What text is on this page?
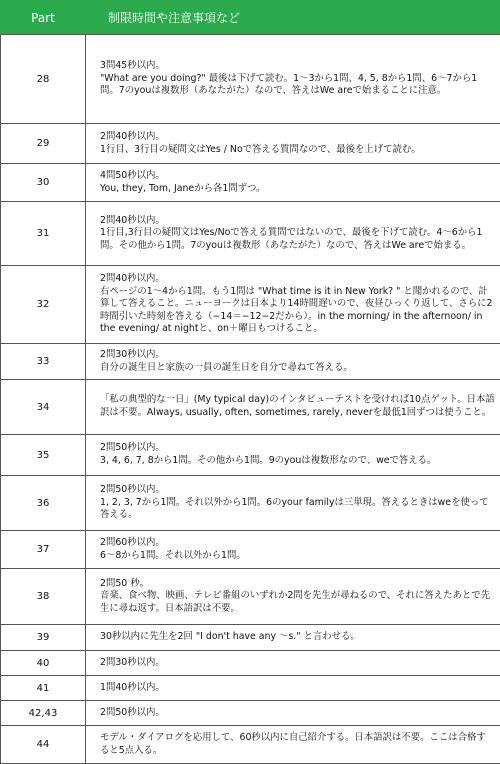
Part	制限時間や注意事項など
28	3問45秒以内。
"What are you doing?" 最後は下げて読む。1〜3から1問、4, 5, 8から1問、6〜7から1問。7のyouは複数形（あなたがた）なので、答えはWe areで始まることに注意。

29	2問40秒以内。
1行目、3行目の疑問文はYes / Noで答える質問なので、最後を上げて読む。

30	4問50秒以内。
You, they, Tom, Janeから各1問ずつ。

31	2問40秒以内。
1行目,3行目の疑問文はYes/Noで答える質問ではないので、最後を下げて読む。4〜6から1問。その他から1問。7のyouは複数形（あなたがた）なので、答えはWe areで始まる。

32	2問40秒以内。
右ページの1〜4から1問。もう1問は "What time is it in New York? " と聞かれるので、計算して答えること。ニューヨークは日本より14時間遅いので、夜昼ひっくり返して、さらに2時間引いた時刻を答える（−14＝−12−2だから）。in the morning/ in the afternoon/ in the evening/ at nightと、on＋曜日もつけること。

33	2問30秒以内。
自分の誕生日と家族の一員の誕生日を自分で尋ねて答える。

34	「私の典型的な一日」(My typical day)のインタビューテストを受ければ10点ゲット。日本語訳は不要。Always, usually, often, sometimes, rarely, neverを最低1回ずつは使うこと。

35	2問50秒以内。
3, 4, 6, 7, 8から1問。その他から1問。9のyouは複数形なので、weで答える。

36	2問50秒以内。
1, 2, 3, 7から1問。それ以外から1問。6のyour familyは三単現。答えるときはweを使って答える。

37	2問60秒以内。
6〜8から1問。それ以外から1問。

38	2問50 秒。
音楽、食べ物、映画、テレビ番組のいずれか2問を先生が尋ねるので、それに答えたあとで先生に尋ね返す。日本語訳は不要。

39	30秒以内に先生を2回 "I don't have any 〜s." と言わせる。

40	2問30秒以内。

41	1問40秒以内。

42,43	2問50秒以内。

44	モデル・ダイアログを応用して、60秒以内に自己紹介する。日本語訳は不要。ここは合格すると5点入る。
